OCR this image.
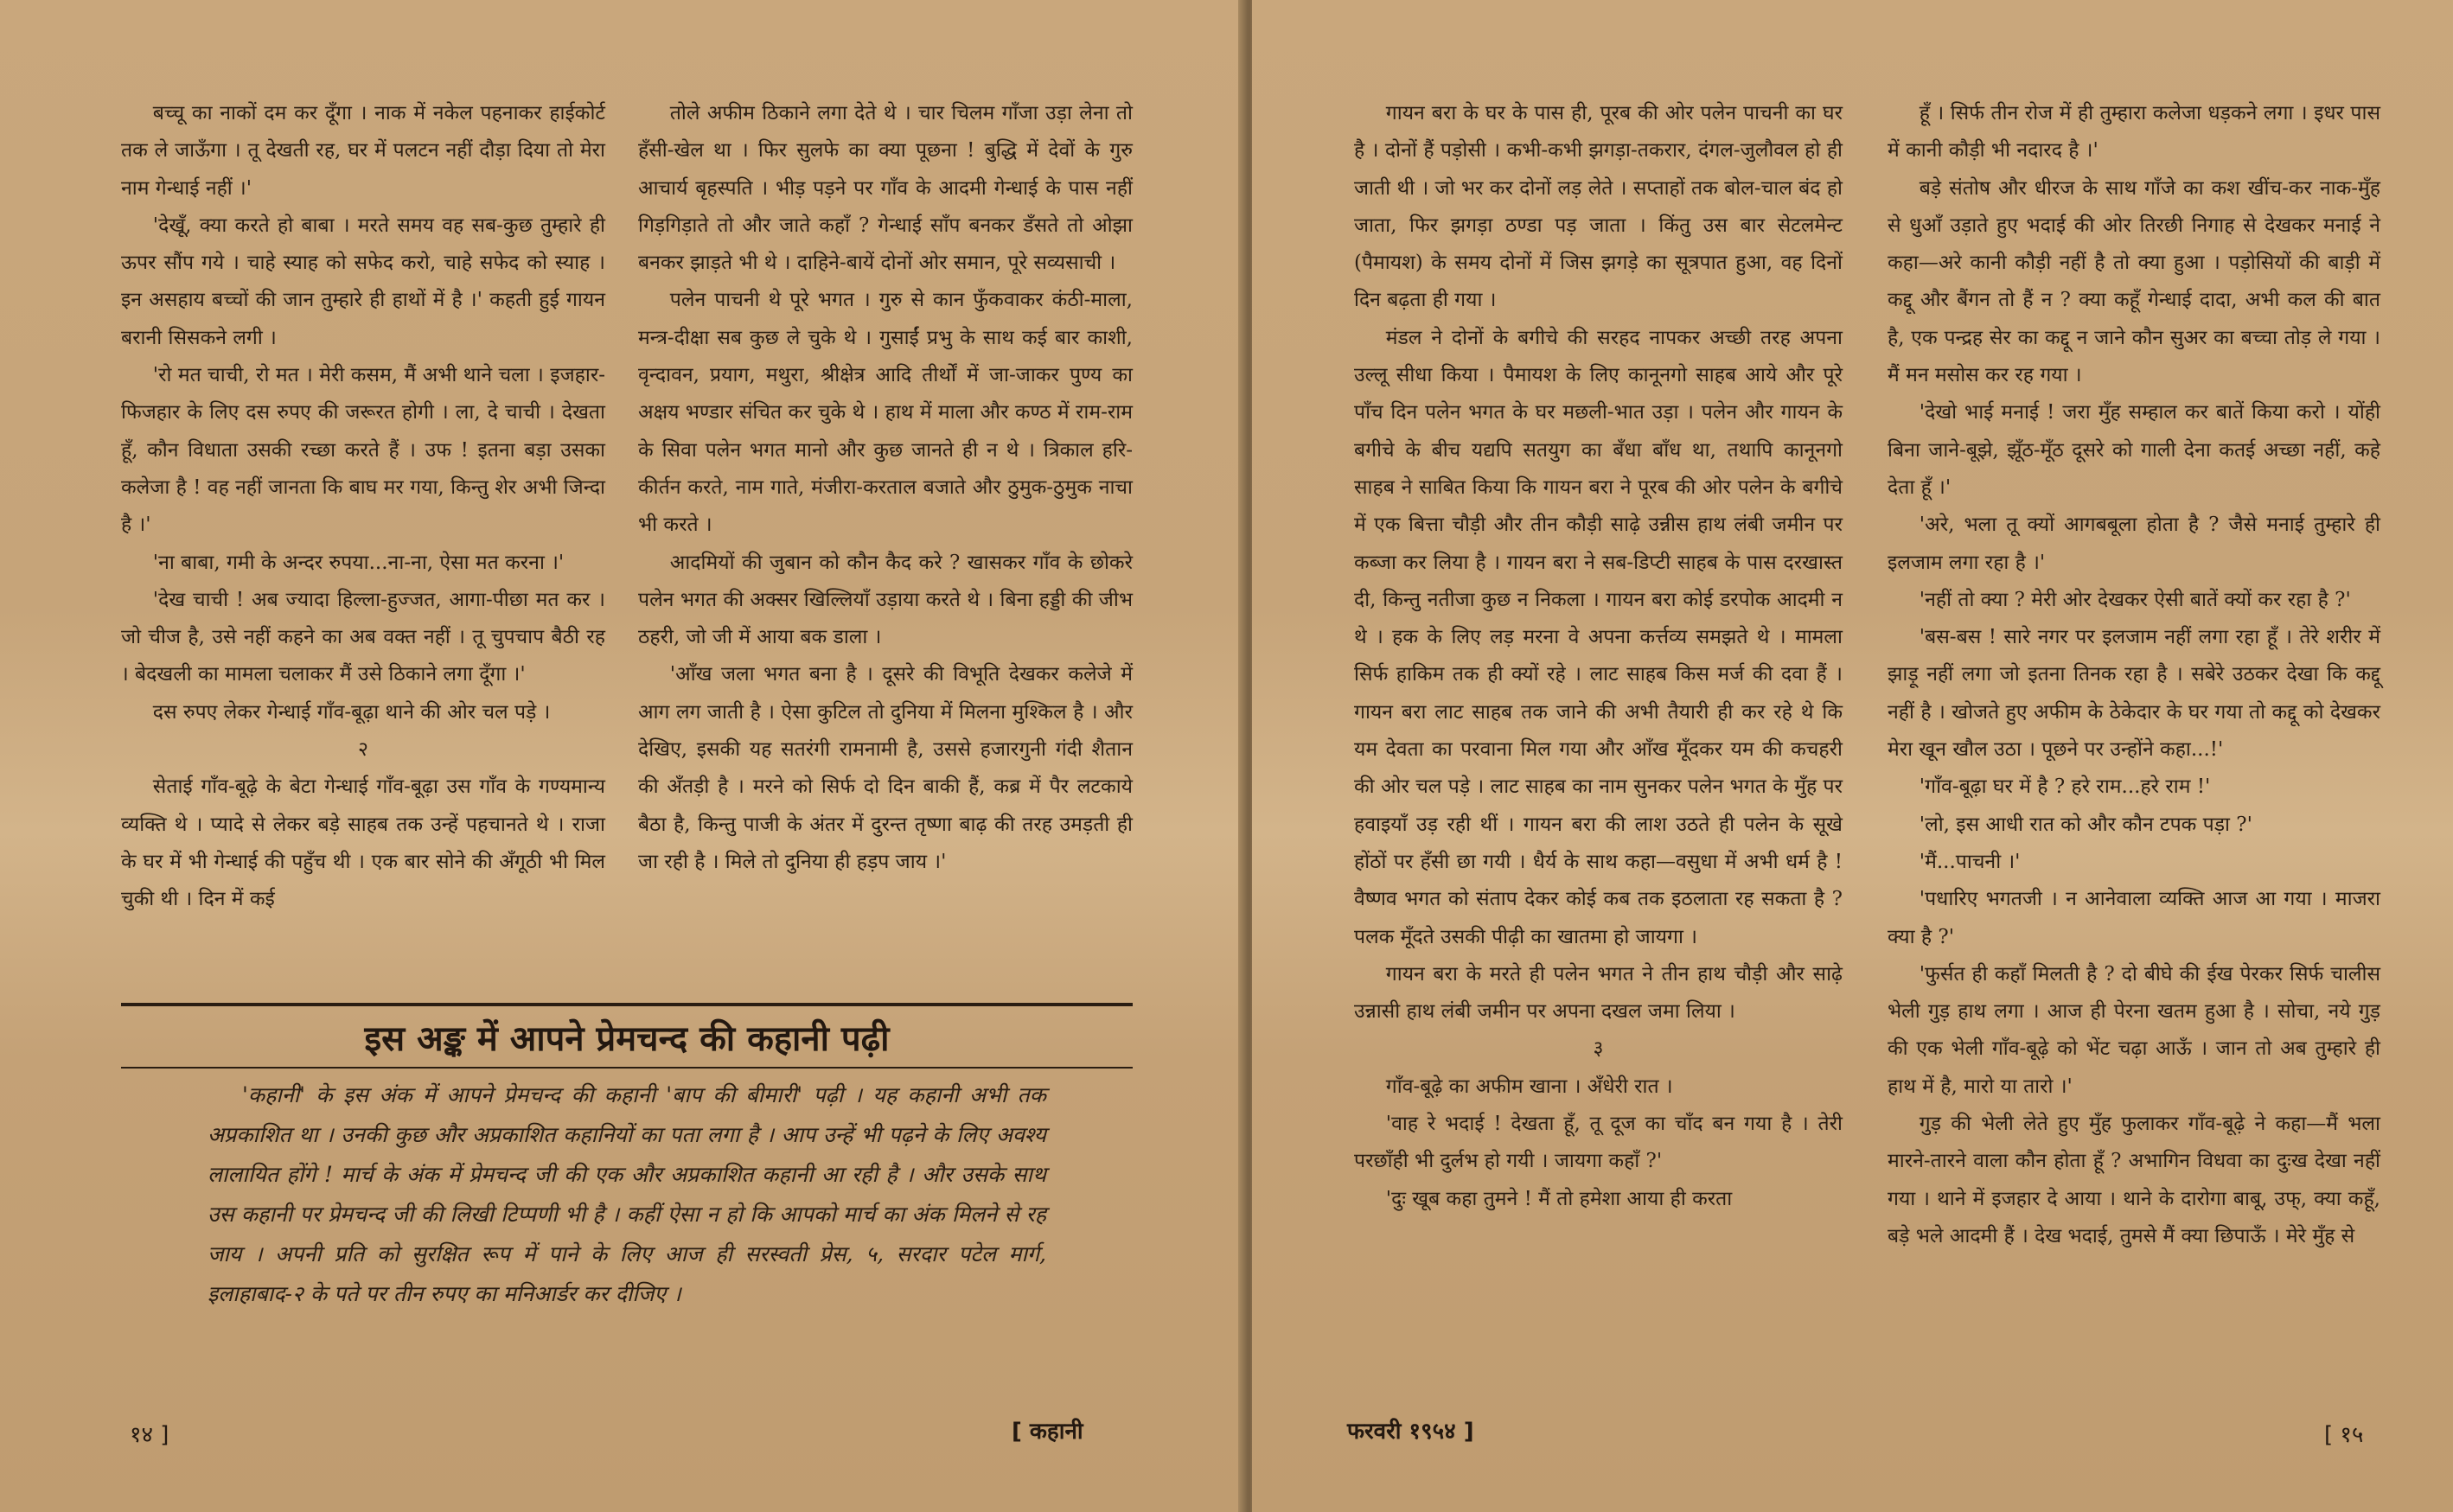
बच्चू का नाकों दम कर दूँगा । नाक में नकेल पहनाकर हाईकोर्ट तक ले जाऊँगा । तू देखती रह, घर में पलटन नहीं दौड़ा दिया तो मेरा नाम गेन्धाई नहीं ।'

'देखूँ, क्या करते हो बाबा । मरते समय वह सब-कुछ तुम्हारे ही ऊपर सौंप गये । चाहे स्याह को सफेद करो, चाहे सफेद को स्याह । इन असहाय बच्चों की जान तुम्हारे ही हाथों में है ।' कहती हुई गायन बरानी सिसकने लगी ।

'रो मत चाची, रो मत । मेरी कसम, मैं अभी थाने चला । इजहार-फिजहार के लिए दस रुपए की जरूरत होगी । ला, दे चाची । देखता हूँ, कौन विधाता उसकी रच्छा करते हैं । उफ ! इतना बड़ा उसका कलेजा है ! वह नहीं जानता कि बाघ मर गया, किन्तु शेर अभी जिन्दा है ।'

'ना बाबा, गमी के अन्दर रुपया...ना-ना, ऐसा मत करना ।'

'देख चाची ! अब ज्यादा हिल्ला-हुज्जत, आगा-पीछा मत कर । जो चीज है, उसे नहीं कहने का अब वक्त नहीं । तू चुपचाप बैठी रह । बेदखली का मामला चलाकर मैं उसे ठिकाने लगा दूँगा ।'

दस रुपए लेकर गेन्धाई गाँव-बूढ़ा थाने की ओर चल पड़े ।

२

सेताई गाँव-बूढ़े के बेटा गेन्धाई गाँव-बूढ़ा उस गाँव के गण्यमान्य व्यक्ति थे । प्यादे से लेकर बड़े साहब तक उन्हें पहचानते थे । राजा के घर में भी गेन्धाई की पहुँच थी । एक बार सोने की अँगूठी भी मिल चुकी थी । दिन में कई

तोले अफीम ठिकाने लगा देते थे । चार चिलम गाँजा उड़ा लेना तो हँसी-खेल था । फिर सुलफे का क्या पूछना ! बुद्धि में देवों के गुरु आचार्य बृहस्पति । भीड़ पड़ने पर गाँव के आदमी गेन्धाई के पास नहीं गिड़गिड़ाते तो और जाते कहाँ ? गेन्धाई साँप बनकर डँसते तो ओझा बनकर झाड़ते भी थे । दाहिने-बायें दोनों ओर समान, पूरे सव्यसाची ।

पलेन पाचनी थे पूरे भगत । गुरु से कान फुँकवाकर कंठी-माला, मन्त्र-दीक्षा सब कुछ ले चुके थे । गुसाईं प्रभु के साथ कई बार काशी, वृन्दावन, प्रयाग, मथुरा, श्रीक्षेत्र आदि तीर्थों में जा-जाकर पुण्य का अक्षय भण्डार संचित कर चुके थे । हाथ में माला और कण्ठ में राम-राम के सिवा पलेन भगत मानो और कुछ जानते ही न थे । त्रिकाल हरि-कीर्तन करते, नाम गाते, मंजीरा-करताल बजाते और ठुमुक-ठुमुक नाचा भी करते ।

आदमियों की जुबान को कौन कैद करे ? खासकर गाँव के छोकरे पलेन भगत की अक्सर खिल्लियाँ उड़ाया करते थे । बिना हड्डी की जीभ ठहरी, जो जी में आया बक डाला ।

'आँख जला भगत बना है । दूसरे की विभूति देखकर कलेजे में आग लग जाती है । ऐसा कुटिल तो दुनिया में मिलना मुश्किल है । और देखिए, इसकी यह सतरंगी रामनामी है, उससे हजारगुनी गंदी शैतान की अँतड़ी है । मरने को सिर्फ दो दिन बाकी हैं, कब्र में पैर लटकाये बैठा है, किन्तु पाजी के अंतर में दुरन्त तृष्णा बाढ़ की तरह उमड़ती ही जा रही है । मिले तो दुनिया ही हड़प जाय ।'

इस अङ्क में आपने प्रेमचन्द की कहानी पढ़ी

'कहानी' के इस अंक में आपने प्रेमचन्द की कहानी 'बाप की बीमारी' पढ़ी । यह कहानी अभी तक अप्रकाशित था । उनकी कुछ और अप्रकाशित कहानियों का पता लगा है । आप उन्हें भी पढ़ने के लिए अवश्य लालायित होंगे ! मार्च के अंक में प्रेमचन्द जी की एक और अप्रकाशित कहानी आ रही है । और उसके साथ उस कहानी पर प्रेमचन्द जी की लिखी टिप्पणी भी है । कहीं ऐसा न हो कि आपको मार्च का अंक मिलने से रह जाय । अपनी प्रति को सुरक्षित रूप में पाने के लिए आज ही सरस्वती प्रेस, ५, सरदार पटेल मार्ग, इलाहाबाद-२ के पते पर तीन रुपए का मनिआर्डर कर दीजिए ।

१४ ]	[ कहानी

गायन बरा के घर के पास ही, पूरब की ओर पलेन पाचनी का घर है । दोनों हैं पड़ोसी । कभी-कभी झगड़ा-तकरार, दंगल-जुलौवल हो ही जाती थी । जो भर कर दोनों लड़ लेते । सप्ताहों तक बोल-चाल बंद हो जाता, फिर झगड़ा ठण्डा पड़ जाता । किंतु उस बार सेटलमेन्ट (पैमायश) के समय दोनों में जिस झगड़े का सूत्रपात हुआ, वह दिनों दिन बढ़ता ही गया ।

मंडल ने दोनों के बगीचे की सरहद नापकर अच्छी तरह अपना उल्लू सीधा किया । पैमायश के लिए कानूनगो साहब आये और पूरे पाँच दिन पलेन भगत के घर मछली-भात उड़ा । पलेन और गायन के बगीचे के बीच यद्यपि सतयुग का बँधा बाँध था, तथापि कानूनगो साहब ने साबित किया कि गायन बरा ने पूरब की ओर पलेन के बगीचे में एक बित्ता चौड़ी और तीन कौड़ी साढ़े उन्नीस हाथ लंबी जमीन पर कब्जा कर लिया है । गायन बरा ने सब-डिप्टी साहब के पास दरखास्त दी, किन्तु नतीजा कुछ न निकला । गायन बरा कोई डरपोक आदमी न थे । हक के लिए लड़ मरना वे अपना कर्त्तव्य समझते थे । मामला सिर्फ हाकिम तक ही क्यों रहे । लाट साहब किस मर्ज की दवा हैं । गायन बरा लाट साहब तक जाने की अभी तैयारी ही कर रहे थे कि यम देवता का परवाना मिल गया और आँख मूँदकर यम की कचहरी की ओर चल पड़े । लाट साहब का नाम सुनकर पलेन भगत के मुँह पर हवाइयाँ उड़ रही थीं । गायन बरा की लाश उठते ही पलेन के सूखे होंठों पर हँसी छा गयी । धैर्य के साथ कहा—वसुधा में अभी धर्म है ! वैष्णव भगत को संताप देकर कोई कब तक इठलाता रह सकता है ? पलक मूँदते उसकी पीढ़ी का खातमा हो जायगा ।

गायन बरा के मरते ही पलेन भगत ने तीन हाथ चौड़ी और साढ़े उन्नासी हाथ लंबी जमीन पर अपना दखल जमा लिया ।

३

गाँव-बूढ़े का अफीम खाना । अँधेरी रात ।

'वाह रे भदाई ! देखता हूँ, तू दूज का चाँद बन गया है । तेरी परछाँही भी दुर्लभ हो गयी । जायगा कहाँ ?'

'दुः खूब कहा तुमने ! मैं तो हमेशा आया ही करता

हूँ । सिर्फ तीन रोज में ही तुम्हारा कलेजा धड़कने लगा । इधर पास में कानी कौड़ी भी नदारद है ।'

बड़े संतोष और धीरज के साथ गाँजे का कश खींच-कर नाक-मुँह से धुआँ उड़ाते हुए भदाई की ओर तिरछी निगाह से देखकर मनाई ने कहा—अरे कानी कौड़ी नहीं है तो क्या हुआ । पड़ोसियों की बाड़ी में कद्दू और बैंगन तो हैं न ? क्या कहूँ गेन्धाई दादा, अभी कल की बात है, एक पन्द्रह सेर का कद्दू न जाने कौन सुअर का बच्चा तोड़ ले गया । मैं मन मसोस कर रह गया ।

'देखो भाई मनाई ! जरा मुँह सम्हाल कर बातें किया करो । योंही बिना जाने-बूझे, झूँठ-मूँठ दूसरे को गाली देना कतई अच्छा नहीं, कहे देता हूँ ।'

'अरे, भला तू क्यों आगबबूला होता है ? जैसे मनाई तुम्हारे ही इलजाम लगा रहा है ।'

'नहीं तो क्या ? मेरी ओर देखकर ऐसी बातें क्यों कर रहा है ?'

'बस-बस ! सारे नगर पर इलजाम नहीं लगा रहा हूँ । तेरे शरीर में झाड़ू नहीं लगा जो इतना तिनक रहा है । सबेरे उठकर देखा कि कद्दू नहीं है । खोजते हुए अफीम के ठेकेदार के घर गया तो कद्दू को देखकर मेरा खून खौल उठा । पूछने पर उन्होंने कहा...!'

'गाँव-बूढ़ा घर में है ? हरे राम...हरे राम !'

'लो, इस आधी रात को और कौन टपक पड़ा ?'

'मैं...पाचनी ।'

'पधारिए भगतजी । न आनेवाला व्यक्ति आज आ गया । माजरा क्या है ?'

'फुर्सत ही कहाँ मिलती है ? दो बीघे की ईख पेरकर सिर्फ चालीस भेली गुड़ हाथ लगा । आज ही पेरना खतम हुआ है । सोचा, नये गुड़ की एक भेली गाँव-बूढ़े को भेंट चढ़ा आऊँ । जान तो अब तुम्हारे ही हाथ में है, मारो या तारो ।'

गुड़ की भेली लेते हुए मुँह फुलाकर गाँव-बूढ़े ने कहा—मैं भला मारने-तारने वाला कौन होता हूँ ? अभागिन विधवा का दुःख देखा नहीं गया । थाने में इजहार दे आया । थाने के दारोगा बाबू, उफ्, क्या कहूँ, बड़े भले आदमी हैं । देख भदाई, तुमसे मैं क्या छिपाऊँ । मेरे मुँह से

फरवरी १९५४ ]	[ १५
